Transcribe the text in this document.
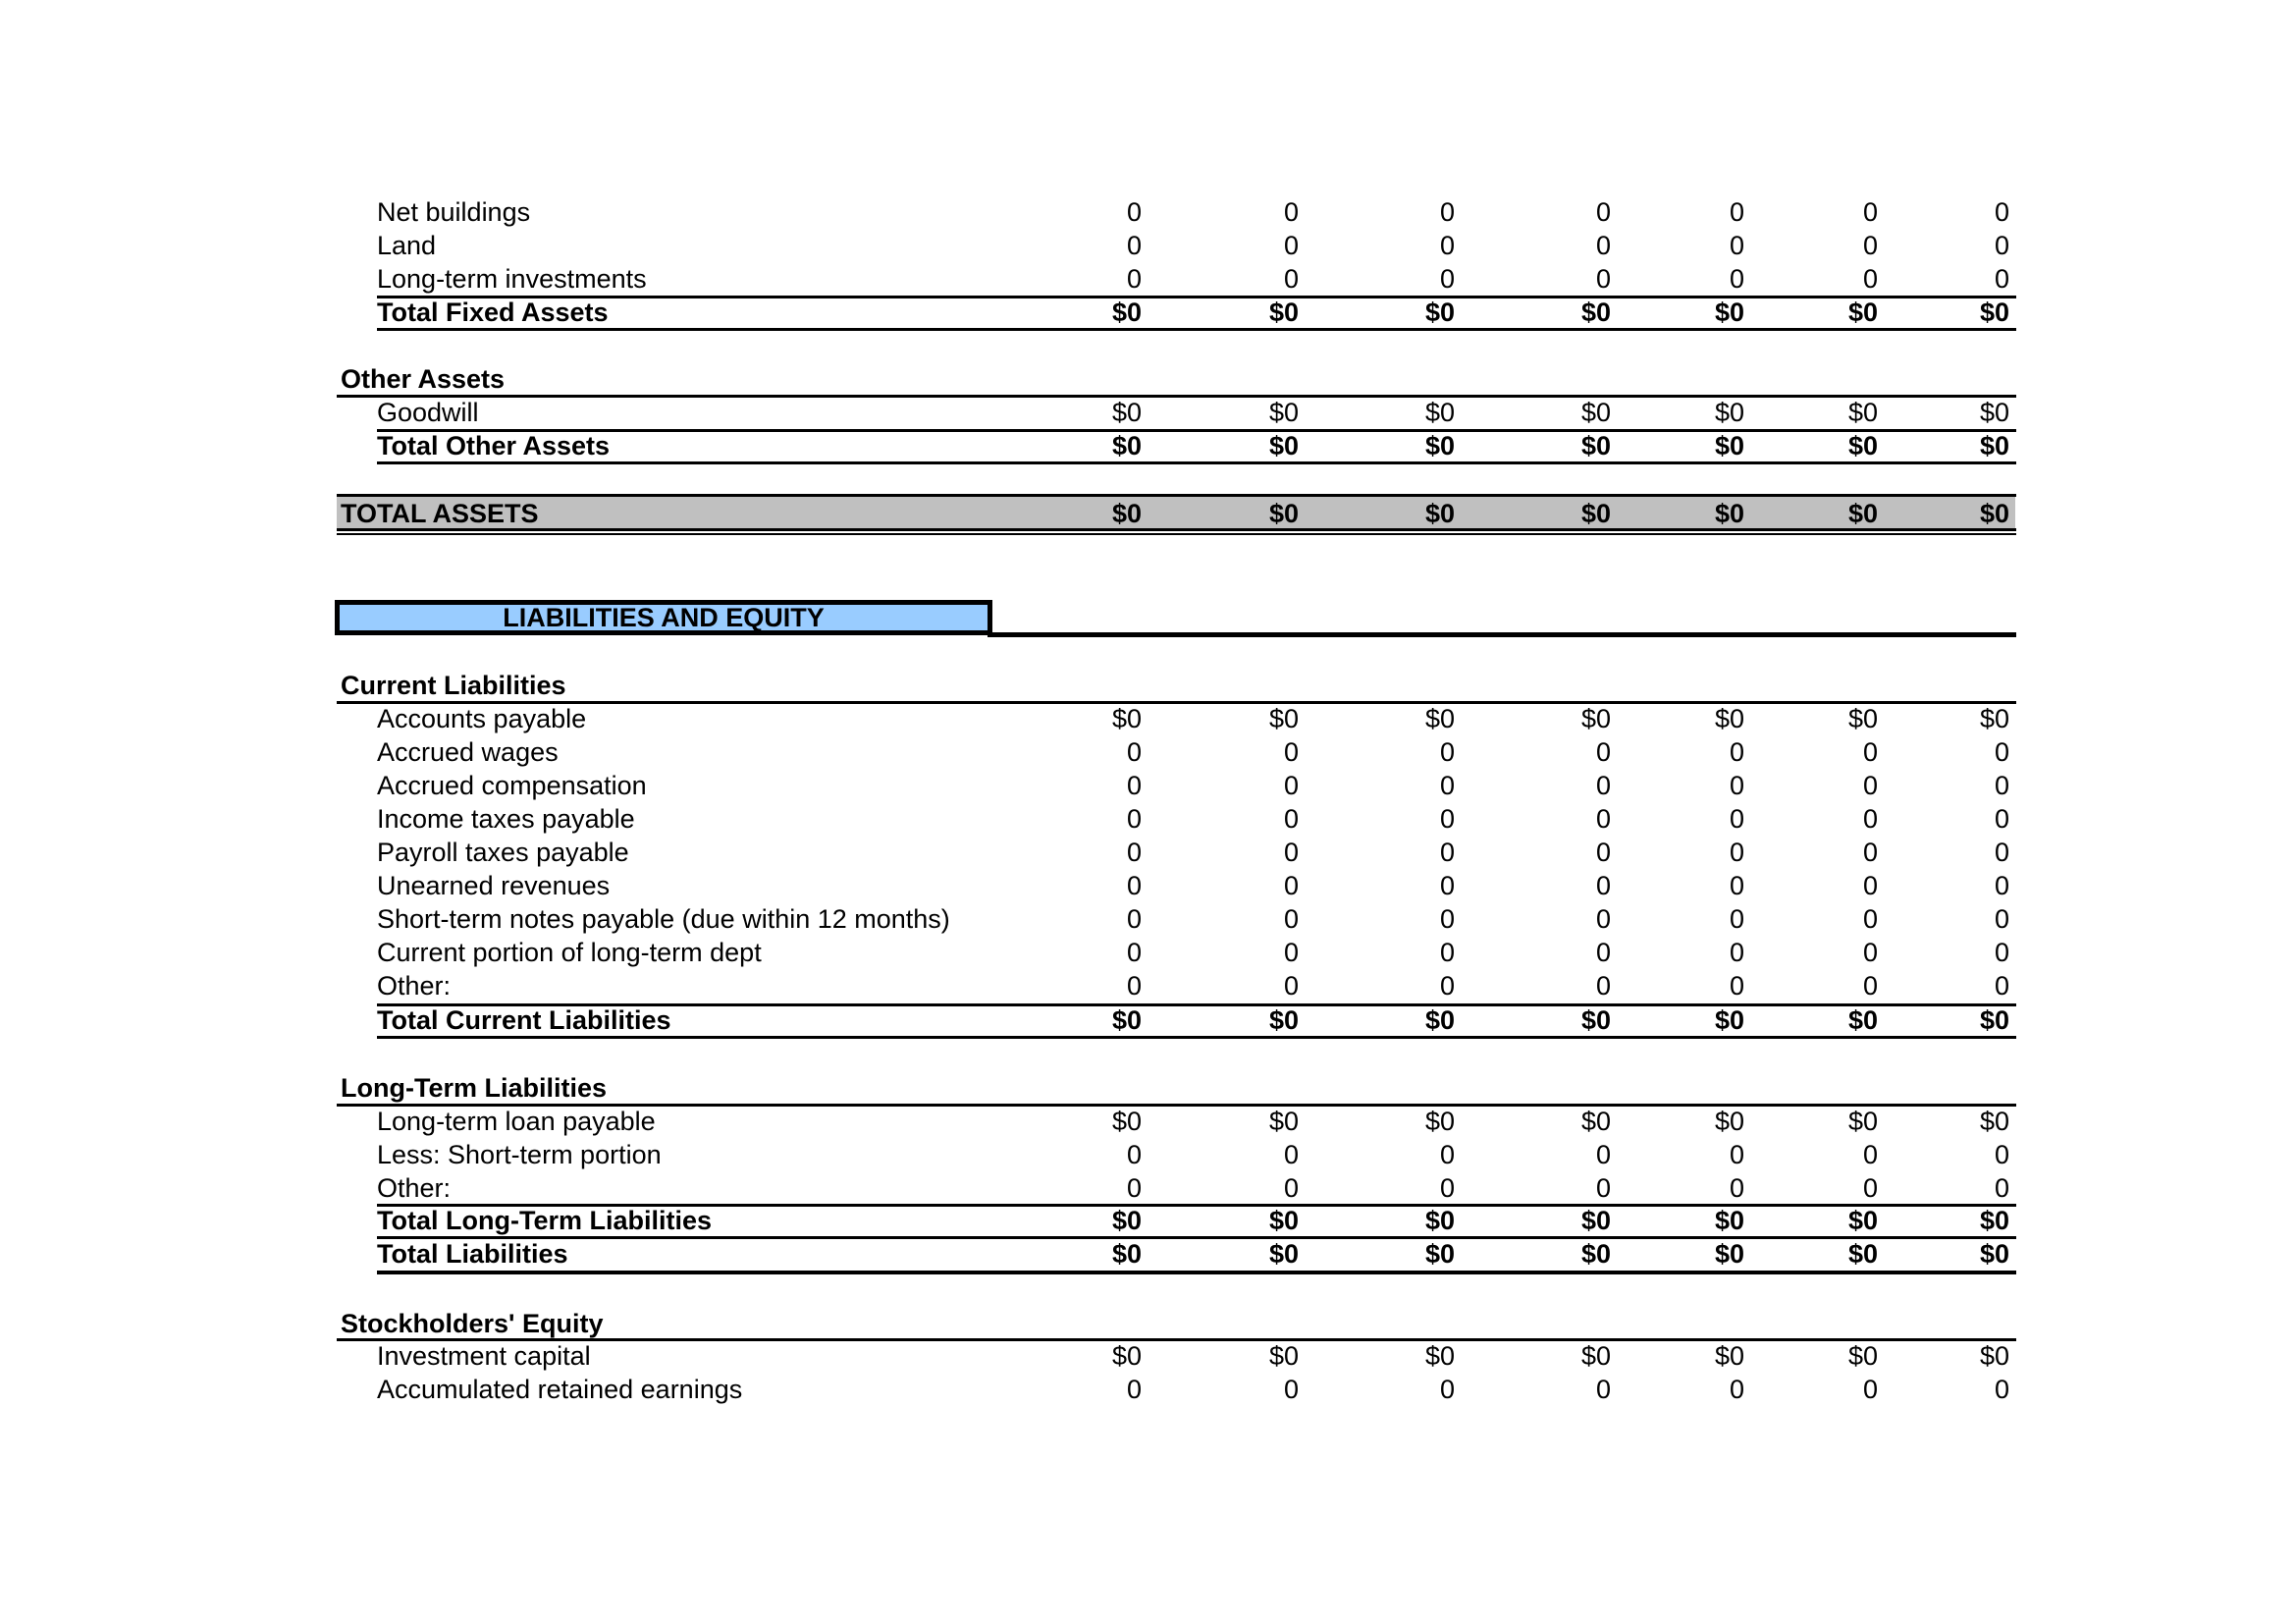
Net buildings	0	0	0	0	0	0	0
Land	0	0	0	0	0	0	0
Long-term investments	0	0	0	0	0	0	0
Total Fixed Assets	$0	$0	$0	$0	$0	$0	$0
Other Assets
Goodwill	$0	$0	$0	$0	$0	$0	$0
Total Other Assets	$0	$0	$0	$0	$0	$0	$0
TOTAL ASSETS	$0	$0	$0	$0	$0	$0	$0
LIABILITIES AND EQUITY
Current Liabilities
Accounts payable	$0	$0	$0	$0	$0	$0	$0
Accrued wages	0	0	0	0	0	0	0
Accrued compensation	0	0	0	0	0	0	0
Income taxes payable	0	0	0	0	0	0	0
Payroll taxes payable	0	0	0	0	0	0	0
Unearned revenues	0	0	0	0	0	0	0
Short-term notes payable (due within 12 months)	0	0	0	0	0	0	0
Current portion of long-term dept	0	0	0	0	0	0	0
Other:	0	0	0	0	0	0	0
Total Current Liabilities	$0	$0	$0	$0	$0	$0	$0
Long-Term Liabilities
Long-term loan payable	$0	$0	$0	$0	$0	$0	$0
Less: Short-term portion	0	0	0	0	0	0	0
Other:	0	0	0	0	0	0	0
Total Long-Term Liabilities	$0	$0	$0	$0	$0	$0	$0
Total Liabilities	$0	$0	$0	$0	$0	$0	$0
Stockholders' Equity
Investment capital	$0	$0	$0	$0	$0	$0	$0
Accumulated retained earnings	0	0	0	0	0	0	0
